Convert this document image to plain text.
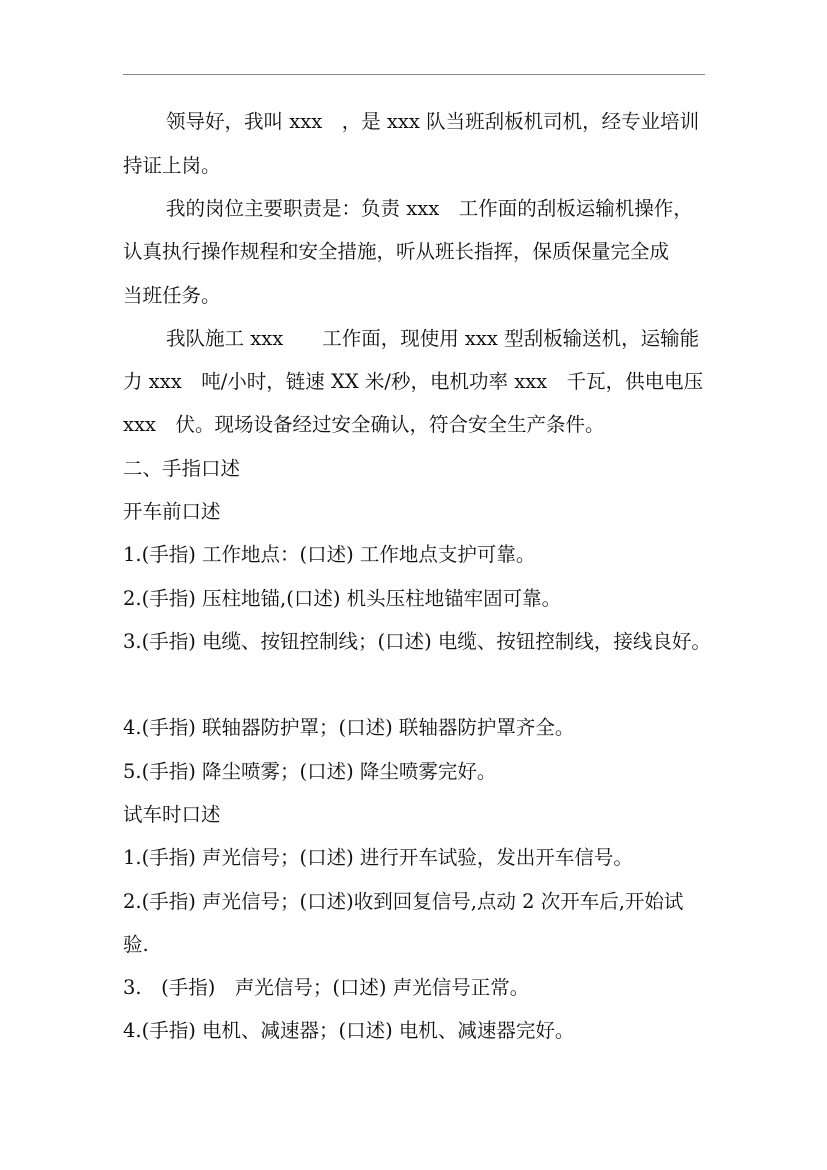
领导好，我叫 xxx　，是 xxx 队当班刮板机司机，经专业培训
持证上岗。
我的岗位主要职责是：负责 xxx　工作面的刮板运输机操作，
认真执行操作规程和安全措施，听从班长指挥，保质保量完全成
当班任务。
我队施工 xxx　　工作面，现使用 xxx 型刮板输送机，运输能
力 xxx　吨/小时，链速 XX 米/秒，电机功率 xxx　千瓦，供电电压
xxx　伏。现场设备经过安全确认，符合安全生产条件。
二、手指口述
开车前口述
1.(手指) 工作地点：(口述) 工作地点支护可靠。
2.(手指) 压柱地锚,(口述) 机头压柱地锚牢固可靠。
3.(手指) 电缆、按钮控制线；(口述) 电缆、按钮控制线，接线良好。
4.(手指) 联轴器防护罩；(口述) 联轴器防护罩齐全。
5.(手指) 降尘喷雾；(口述) 降尘喷雾完好。
试车时口述
1.(手指) 声光信号；(口述) 进行开车试验，发出开车信号。
2.(手指) 声光信号；(口述)收到回复信号,点动 2 次开车后,开始试
验.
3.　(手指)　声光信号；(口述) 声光信号正常。
4.(手指) 电机、减速器；(口述) 电机、减速器完好。
